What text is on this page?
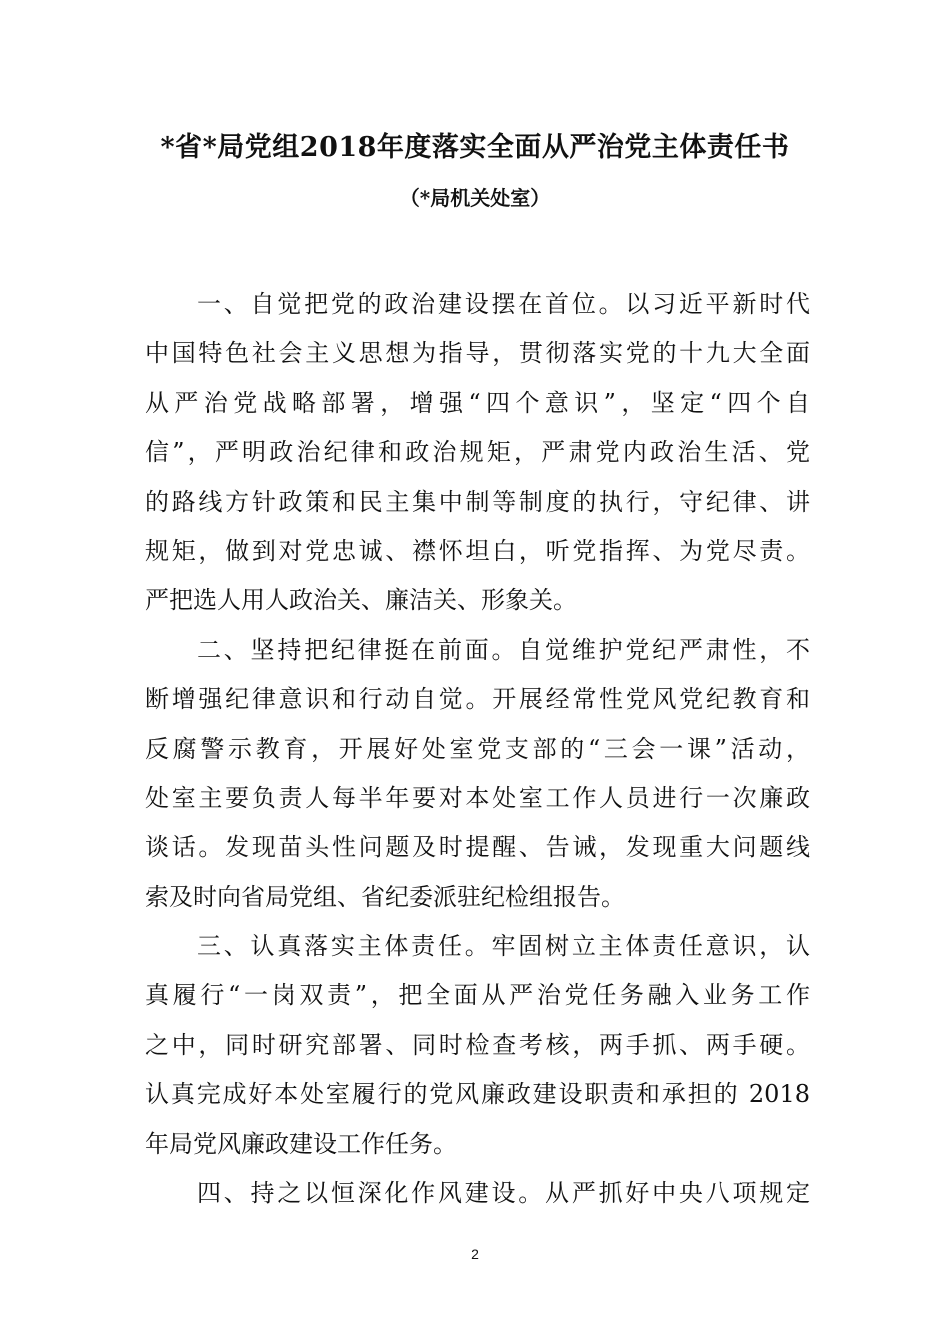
*省*局党组2018年度落实全面从严治党主体责任书
（*局机关处室）

一、自觉把党的政治建设摆在首位。以习近平新时代
中国特色社会主义思想为指导，贯彻落实党的十九大全面
从严治党战略部署，增强“四个意识”，坚定“四个自
信”，严明政治纪律和政治规矩，严肃党内政治生活、党
的路线方针政策和民主集中制等制度的执行，守纪律、讲
规矩，做到对党忠诚、襟怀坦白，听党指挥、为党尽责。
严把选人用人政治关、廉洁关、形象关。

二、坚持把纪律挺在前面。自觉维护党纪严肃性，不
断增强纪律意识和行动自觉。开展经常性党风党纪教育和
反腐警示教育，开展好处室党支部的“三会一课”活动，
处室主要负责人每半年要对本处室工作人员进行一次廉政
谈话。发现苗头性问题及时提醒、告诫，发现重大问题线
索及时向省局党组、省纪委派驻纪检组报告。

三、认真落实主体责任。牢固树立主体责任意识，认
真履行“一岗双责”，把全面从严治党任务融入业务工作
之中，同时研究部署、同时检查考核，两手抓、两手硬。
认真完成好本处室履行的党风廉政建设职责和承担的 2018
年局党风廉政建设工作任务。

四、持之以恒深化作风建设。从严抓好中央八项规定

2
